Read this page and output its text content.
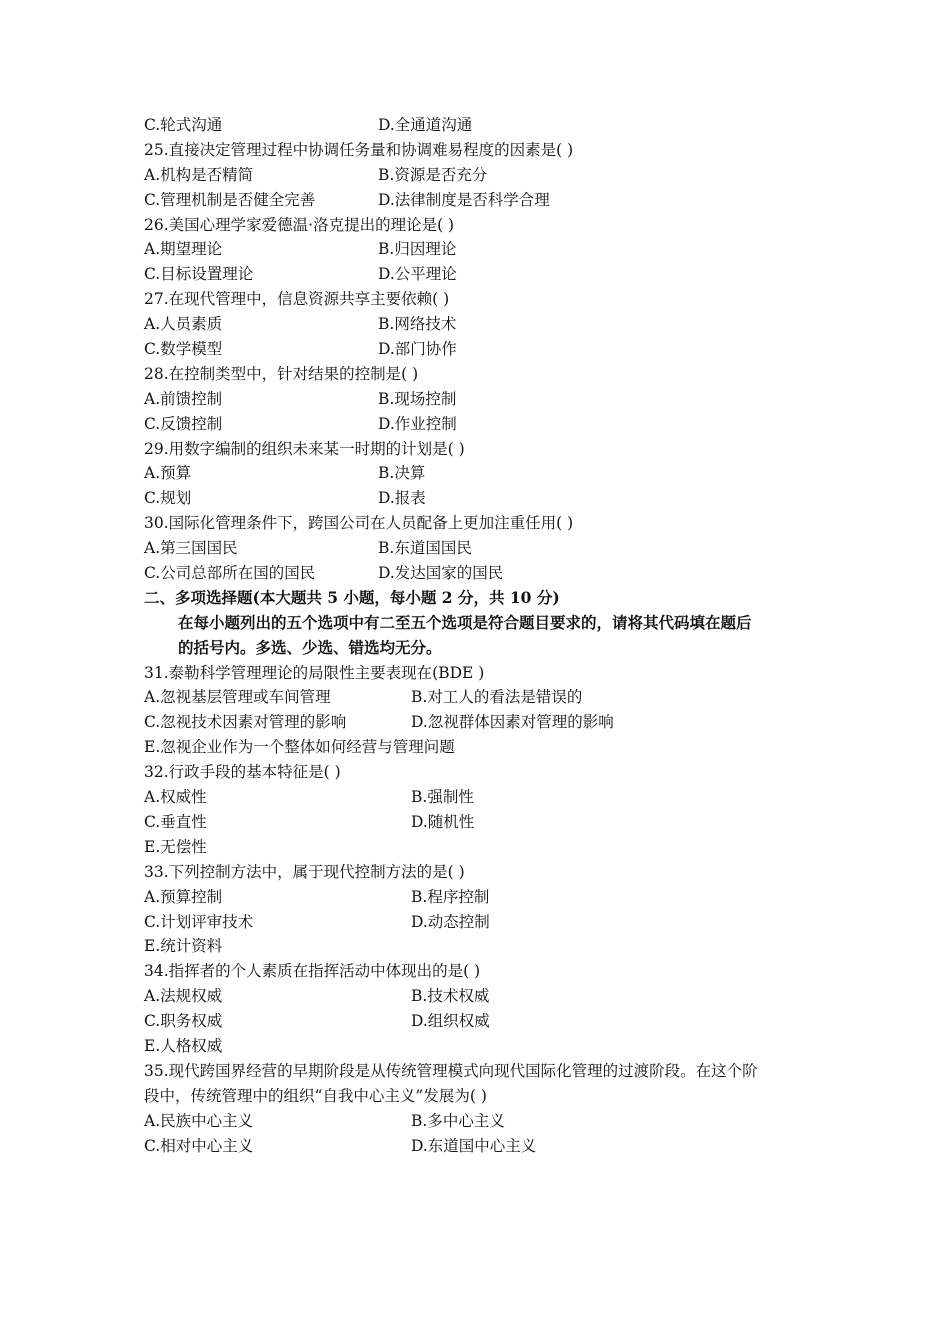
C.轮式沟通	D.全通道沟通
25.直接决定管理过程中协调任务量和协调难易程度的因素是( )
A.机构是否精简	B.资源是否充分
C.管理机制是否健全完善	D.法律制度是否科学合理
26.美国心理学家爱德温·洛克提出的理论是( )
A.期望理论	B.归因理论
C.目标设置理论	D.公平理论
27.在现代管理中，信息资源共享主要依赖( )
A.人员素质	B.网络技术
C.数学模型	D.部门协作
28.在控制类型中，针对结果的控制是( )
A.前馈控制	B.现场控制
C.反馈控制	D.作业控制
29.用数字编制的组织未来某一时期的计划是( )
A.预算	B.决算
C.规划	D.报表
30.国际化管理条件下，跨国公司在人员配备上更加注重任用( )
A.第三国国民	B.东道国国民
C.公司总部所在国的国民	D.发达国家的国民
二、多项选择题(本大题共 5 小题，每小题 2 分，共 10 分)
在每小题列出的五个选项中有二至五个选项是符合题目要求的，请将其代码填在题后
的括号内。多选、少选、错选均无分。
31.泰勒科学管理理论的局限性主要表现在(BDE )
A.忽视基层管理或车间管理	B.对工人的看法是错误的
C.忽视技术因素对管理的影响	D.忽视群体因素对管理的影响
E.忽视企业作为一个整体如何经营与管理问题
32.行政手段的基本特征是( )
A.权威性	B.强制性
C.垂直性	D.随机性
E.无偿性
33.下列控制方法中，属于现代控制方法的是( )
A.预算控制	B.程序控制
C.计划评审技术	D.动态控制
E.统计资料
34.指挥者的个人素质在指挥活动中体现出的是( )
A.法规权威	B.技术权威
C.职务权威	D.组织权威
E.人格权威
35.现代跨国界经营的早期阶段是从传统管理模式向现代国际化管理的过渡阶段。在这个阶
段中，传统管理中的组织“自我中心主义”发展为( )
A.民族中心主义	B.多中心主义
C.相对中心主义	D.东道国中心主义
